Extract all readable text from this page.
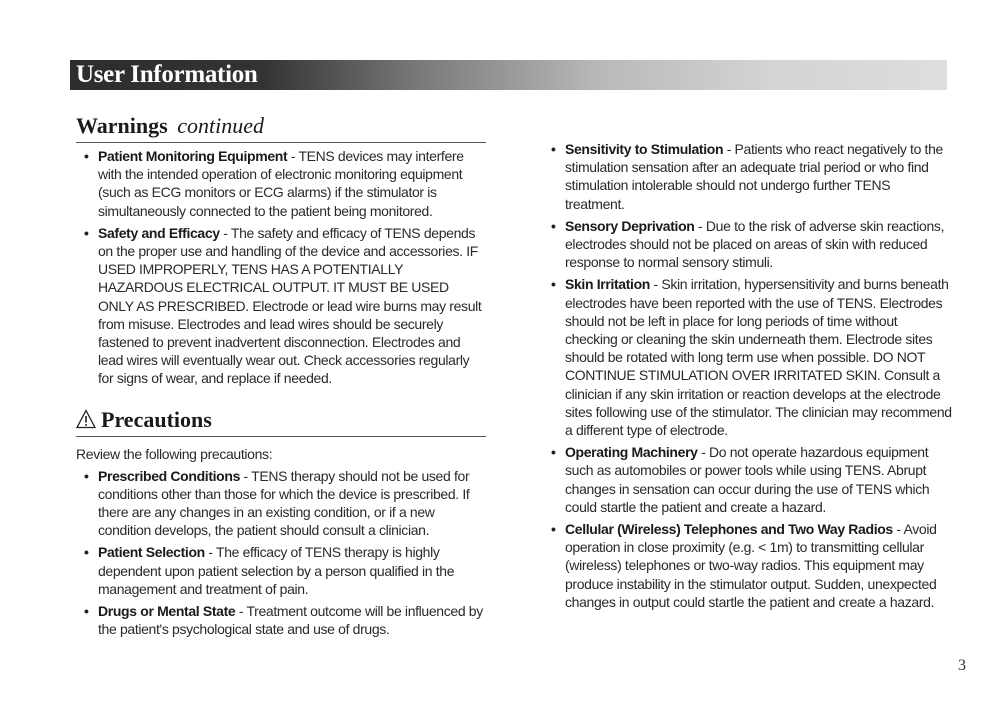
User Information
Warnings continued
• Patient Monitoring Equipment - TENS devices may interfere with the intended operation of electronic monitoring equipment (such as ECG monitors or ECG alarms) if the stimulator is simultaneously connected to the patient being monitored.
• Safety and Efficacy - The safety and efficacy of TENS depends on the proper use and handling of the device and accessories. IF USED IMPROPERLY, TENS HAS A POTENTIALLY HAZARDOUS ELECTRICAL OUTPUT. IT MUST BE USED ONLY AS PRESCRIBED. Electrode or lead wire burns may result from misuse. Electrodes and lead wires should be securely fastened to prevent inadvertent disconnection. Electrodes and lead wires will eventually wear out. Check accessories regularly for signs of wear, and replace if needed.
Precautions
Review the following precautions:
• Prescribed Conditions - TENS therapy should not be used for conditions other than those for which the device is prescribed. If there are any changes in an existing condition, or if a new condition develops, the patient should consult a clinician.
• Patient Selection - The efficacy of TENS therapy is highly dependent upon patient selection by a person qualified in the management and treatment of pain.
• Drugs or Mental State - Treatment outcome will be influenced by the patient's psychological state and use of drugs.
• Sensitivity to Stimulation - Patients who react negatively to the stimulation sensation after an adequate trial period or who find stimulation intolerable should not undergo further TENS treatment.
• Sensory Deprivation - Due to the risk of adverse skin reactions, electrodes should not be placed on areas of skin with reduced response to normal sensory stimuli.
• Skin Irritation - Skin irritation, hypersensitivity and burns beneath electrodes have been reported with the use of TENS. Electrodes should not be left in place for long periods of time without checking or cleaning the skin underneath them. Electrode sites should be rotated with long term use when possible. DO NOT CONTINUE STIMULATION OVER IRRITATED SKIN. Consult a clinician if any skin irritation or reaction develops at the electrode sites following use of the stimulator. The clinician may recommend a different type of electrode.
• Operating Machinery - Do not operate hazardous equipment such as automobiles or power tools while using TENS. Abrupt changes in sensation can occur during the use of TENS which could startle the patient and create a hazard.
• Cellular (Wireless) Telephones and Two Way Radios - Avoid operation in close proximity (e.g. < 1m) to transmitting cellular (wireless) telephones or two-way radios. This equipment may produce instability in the stimulator output. Sudden, unexpected changes in output could startle the patient and create a hazard.
3
